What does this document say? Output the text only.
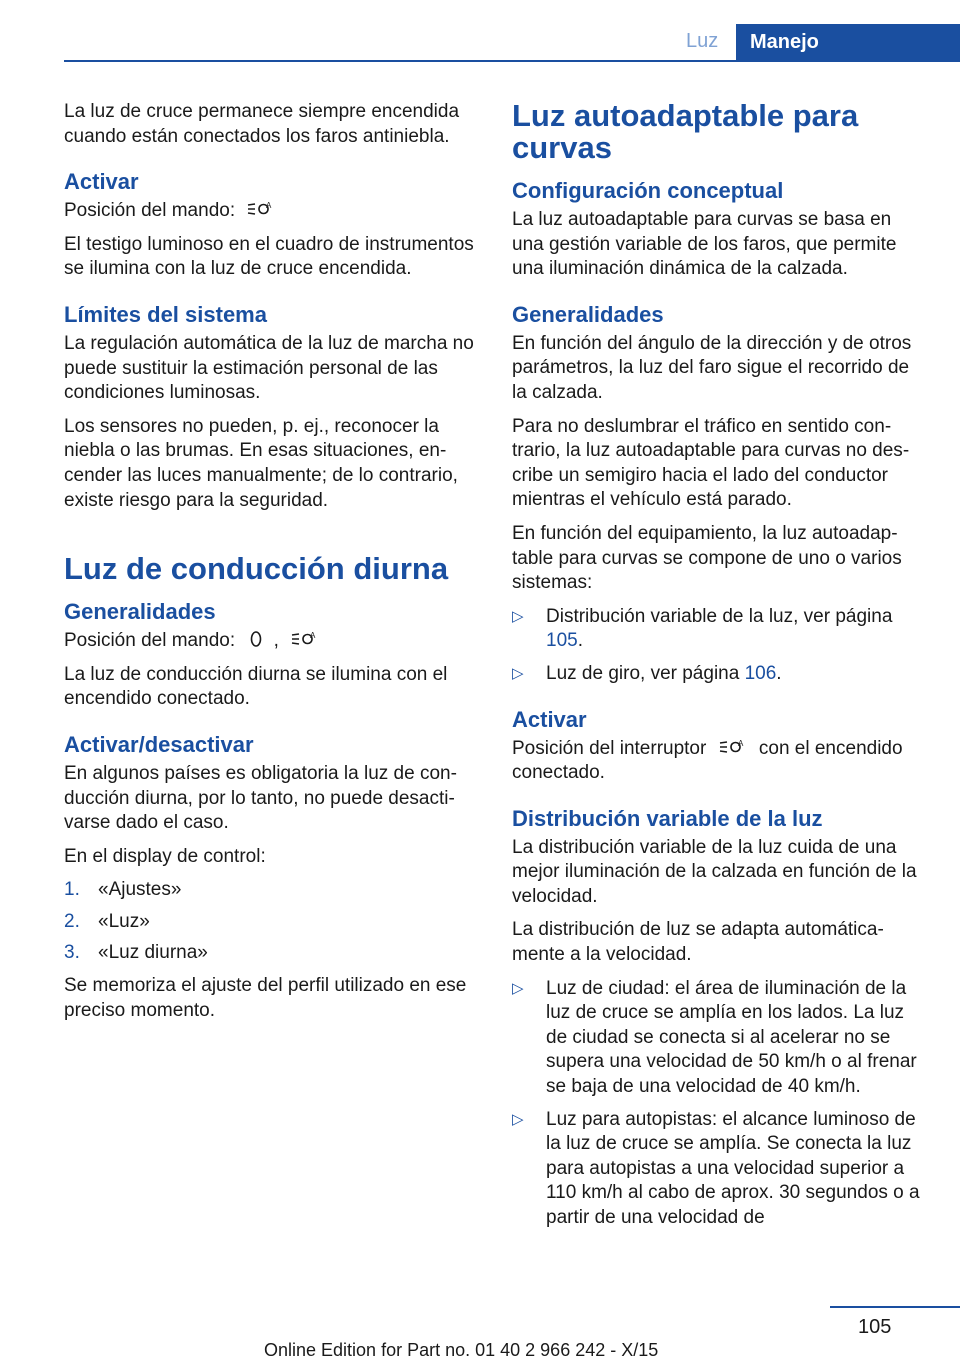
Luz	Manejo

La luz de cruce permanece siempre encendida cuando están conectados los faros antiniebla.

Activar

Posición del mando:	A

El testigo luminoso en el cuadro de instrumentos se ilumina con la luz de cruce encendida.

Límites del sistema

La regulación automática de la luz de marcha no puede sustituir la estimación personal de las condiciones luminosas.

Los sensores no pueden, p. ej., reconocer la niebla o las brumas. En esas situaciones, encender las luces manualmente; de lo contrario, existe riesgo para la seguridad.

Luz de conducción diurna
Generalidades

Posición del mando: ,	A

La luz de conducción diurna se ilumina con el encendido conectado.

Activar/desactivar

En algunos países es obligatoria la luz de conducción diurna, por lo tanto, no puede desactivarse dado el caso.

En el display de control:

1. «Ajustes»
2. «Luz»
3. «Luz diurna»

Se memoriza el ajuste del perfil utilizado en ese preciso momento.

Luz autoadaptable para curvas
Configuración conceptual

La luz autoadaptable para curvas se basa en una gestión variable de los faros, que permite una iluminación dinámica de la calzada.

Generalidades

En función del ángulo de la dirección y de otros parámetros, la luz del faro sigue el recorrido de la calzada.

Para no deslumbrar el tráfico en sentido contrario, la luz autoadaptable para curvas no describe un semigiro hacia el lado del conductor mientras el vehículo está parado.

En función del equipamiento, la luz autoadaptable para curvas se compone de uno o varios sistemas:

▷	Distribución variable de la luz, ver página 105.
▷	Luz de giro, ver página 106.
Activar

Posición del interruptor	A con el encendido conectado.

Distribución variable de la luz

La distribución variable de la luz cuida de una mejor iluminación de la calzada en función de la velocidad.

La distribución de luz se adapta automáticamente a la velocidad.

▷	Luz de ciudad: el área de iluminación de la luz de cruce se amplía en los lados. La luz de ciudad se conecta si al acelerar no se supera una velocidad de 50 km/h o al frenar se baja de una velocidad de 40 km/h.
▷	Luz para autopistas: el alcance luminoso de la luz de cruce se amplía. Se conecta la luz para autopistas a una velocidad superior a 110 km/h al cabo de aprox. 30 segundos o a partir de una velocidad de
105
Online Edition for Part no. 01 40 2 966 242 - X/15
